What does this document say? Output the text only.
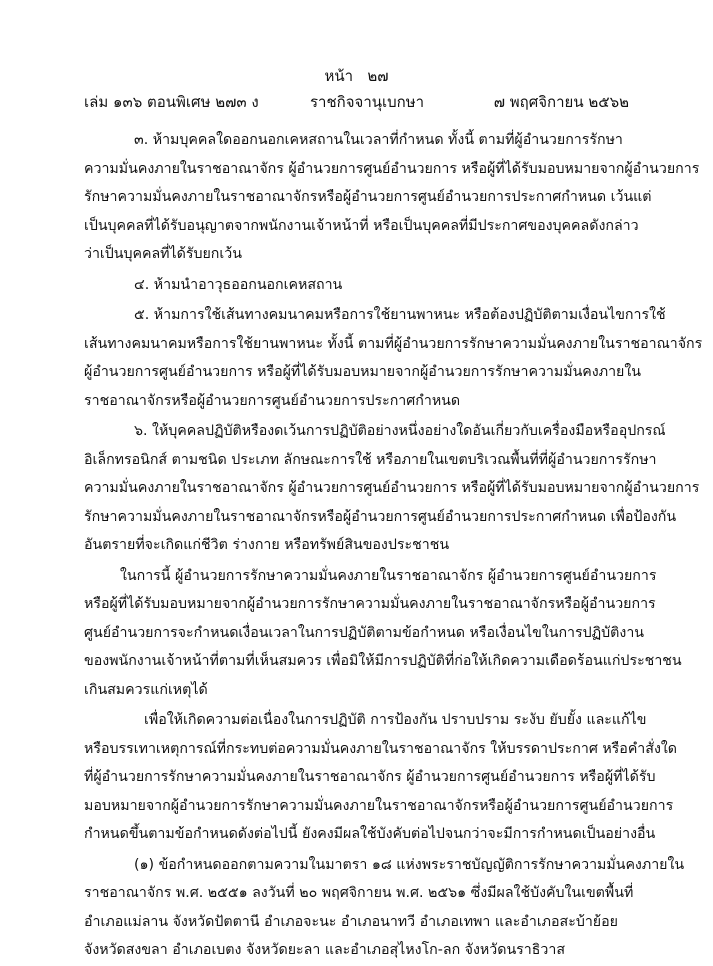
หน้า   ๒๗
เล่ม ๑๓๖ ตอนพิเศษ ๒๗๓ ง	ราชกิจจานุเบกษา	๗ พฤศจิกายน ๒๕๖๒
๓. ห้ามบุคคลใดออกนอกเคหสถานในเวลาที่กำหนด ทั้งนี้ ตามที่ผู้อำนวยการรักษา
ความมั่นคงภายในราชอาณาจักร ผู้อำนวยการศูนย์อำนวยการ หรือผู้ที่ได้รับมอบหมายจากผู้อำนวยการ
รักษาความมั่นคงภายในราชอาณาจักรหรือผู้อำนวยการศูนย์อำนวยการประกาศกำหนด เว้นแต่
เป็นบุคคลที่ได้รับอนุญาตจากพนักงานเจ้าหน้าที่ หรือเป็นบุคคลที่มีประกาศของบุคคลดังกล่าว
ว่าเป็นบุคคลที่ได้รับยกเว้น
๔. ห้ามนำอาวุธออกนอกเคหสถาน
๕. ห้ามการใช้เส้นทางคมนาคมหรือการใช้ยานพาหนะ หรือต้องปฏิบัติตามเงื่อนไขการใช้
เส้นทางคมนาคมหรือการใช้ยานพาหนะ ทั้งนี้ ตามที่ผู้อำนวยการรักษาความมั่นคงภายในราชอาณาจักร
ผู้อำนวยการศูนย์อำนวยการ หรือผู้ที่ได้รับมอบหมายจากผู้อำนวยการรักษาความมั่นคงภายใน
ราชอาณาจักรหรือผู้อำนวยการศูนย์อำนวยการประกาศกำหนด
๖. ให้บุคคลปฏิบัติหรืองดเว้นการปฏิบัติอย่างหนึ่งอย่างใดอันเกี่ยวกับเครื่องมือหรืออุปกรณ์
อิเล็กทรอนิกส์ ตามชนิด ประเภท ลักษณะการใช้ หรือภายในเขตบริเวณพื้นที่ที่ผู้อำนวยการรักษา
ความมั่นคงภายในราชอาณาจักร ผู้อำนวยการศูนย์อำนวยการ หรือผู้ที่ได้รับมอบหมายจากผู้อำนวยการ
รักษาความมั่นคงภายในราชอาณาจักรหรือผู้อำนวยการศูนย์อำนวยการประกาศกำหนด เพื่อป้องกัน
อันตรายที่จะเกิดแก่ชีวิต ร่างกาย หรือทรัพย์สินของประชาชน
ในการนี้ ผู้อำนวยการรักษาความมั่นคงภายในราชอาณาจักร ผู้อำนวยการศูนย์อำนวยการ
หรือผู้ที่ได้รับมอบหมายจากผู้อำนวยการรักษาความมั่นคงภายในราชอาณาจักรหรือผู้อำนวยการ
ศูนย์อำนวยการจะกำหนดเงื่อนเวลาในการปฏิบัติตามข้อกำหนด หรือเงื่อนไขในการปฏิบัติงาน
ของพนักงานเจ้าหน้าที่ตามที่เห็นสมควร เพื่อมิให้มีการปฏิบัติที่ก่อให้เกิดความเดือดร้อนแก่ประชาชน
เกินสมควรแก่เหตุได้
เพื่อให้เกิดความต่อเนื่องในการปฏิบัติ การป้องกัน ปราบปราม ระงับ ยับยั้ง และแก้ไข
หรือบรรเทาเหตุการณ์ที่กระทบต่อความมั่นคงภายในราชอาณาจักร ให้บรรดาประกาศ หรือคำสั่งใด
ที่ผู้อำนวยการรักษาความมั่นคงภายในราชอาณาจักร ผู้อำนวยการศูนย์อำนวยการ หรือผู้ที่ได้รับ
มอบหมายจากผู้อำนวยการรักษาความมั่นคงภายในราชอาณาจักรหรือผู้อำนวยการศูนย์อำนวยการ
กำหนดขึ้นตามข้อกำหนดดังต่อไปนี้ ยังคงมีผลใช้บังคับต่อไปจนกว่าจะมีการกำหนดเป็นอย่างอื่น
(๑) ข้อกำหนดออกตามความในมาตรา ๑๘ แห่งพระราชบัญญัติการรักษาความมั่นคงภายใน
ราชอาณาจักร พ.ศ. ๒๕๕๑ ลงวันที่ ๒๐ พฤศจิกายน พ.ศ. ๒๕๖๑ ซึ่งมีผลใช้บังคับในเขตพื้นที่
อำเภอแม่ลาน จังหวัดปัตตานี อำเภอจะนะ อำเภอนาทวี อำเภอเทพา และอำเภอสะบ้าย้อย
จังหวัดสงขลา อำเภอเบตง จังหวัดยะลา และอำเภอสุไหงโก-ลก จังหวัดนราธิวาส
